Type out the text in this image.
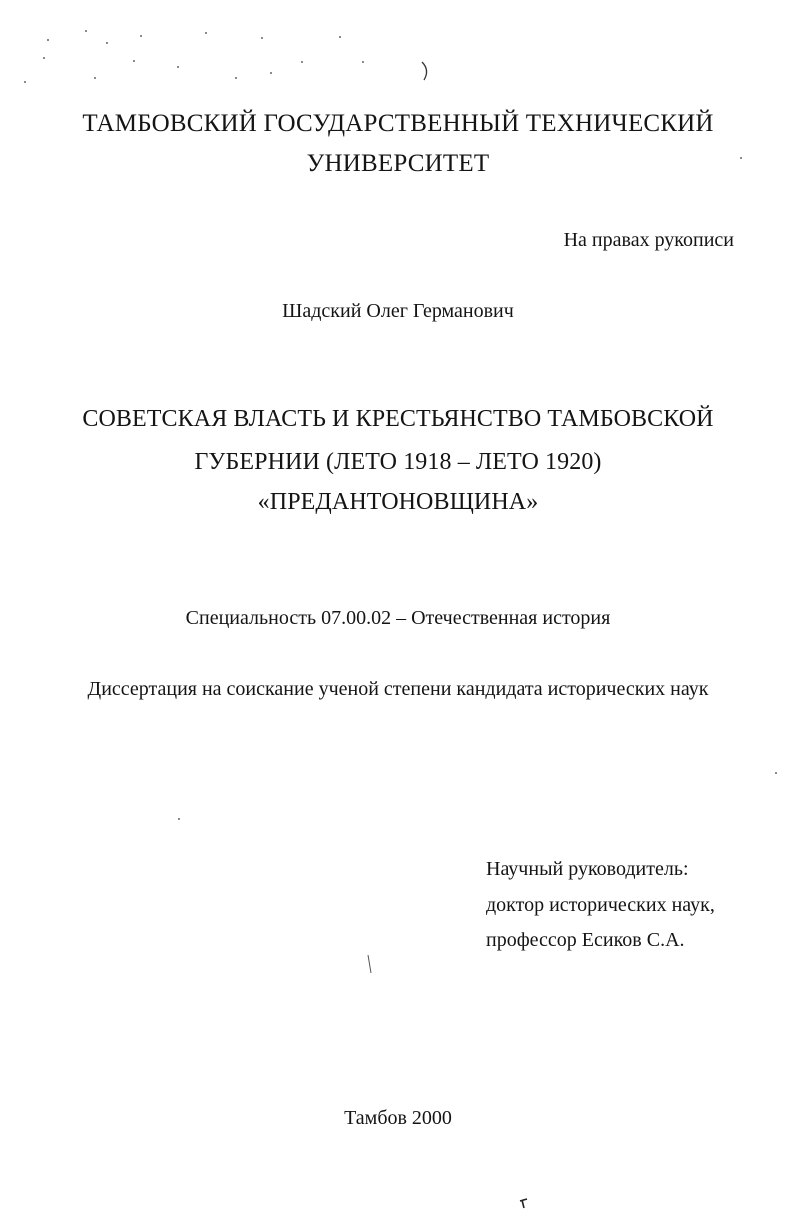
ТАМБОВСКИЙ ГОСУДАРСТВЕННЫЙ ТЕХНИЧЕСКИЙ
УНИВЕРСИТЕТ
На правах рукописи
Шадский Олег Германович
СОВЕТСКАЯ ВЛАСТЬ И КРЕСТЬЯНСТВО ТАМБОВСКОЙ
ГУБЕРНИИ (ЛЕТО 1918 – ЛЕТО 1920)
«ПРЕДАНТОНОВЩИНА»
Специальность 07.00.02 – Отечественная история
Диссертация на соискание ученой степени кандидата исторических наук
Научный руководитель:
доктор исторических наук,
профессор Есиков С.А.
Тамбов 2000
